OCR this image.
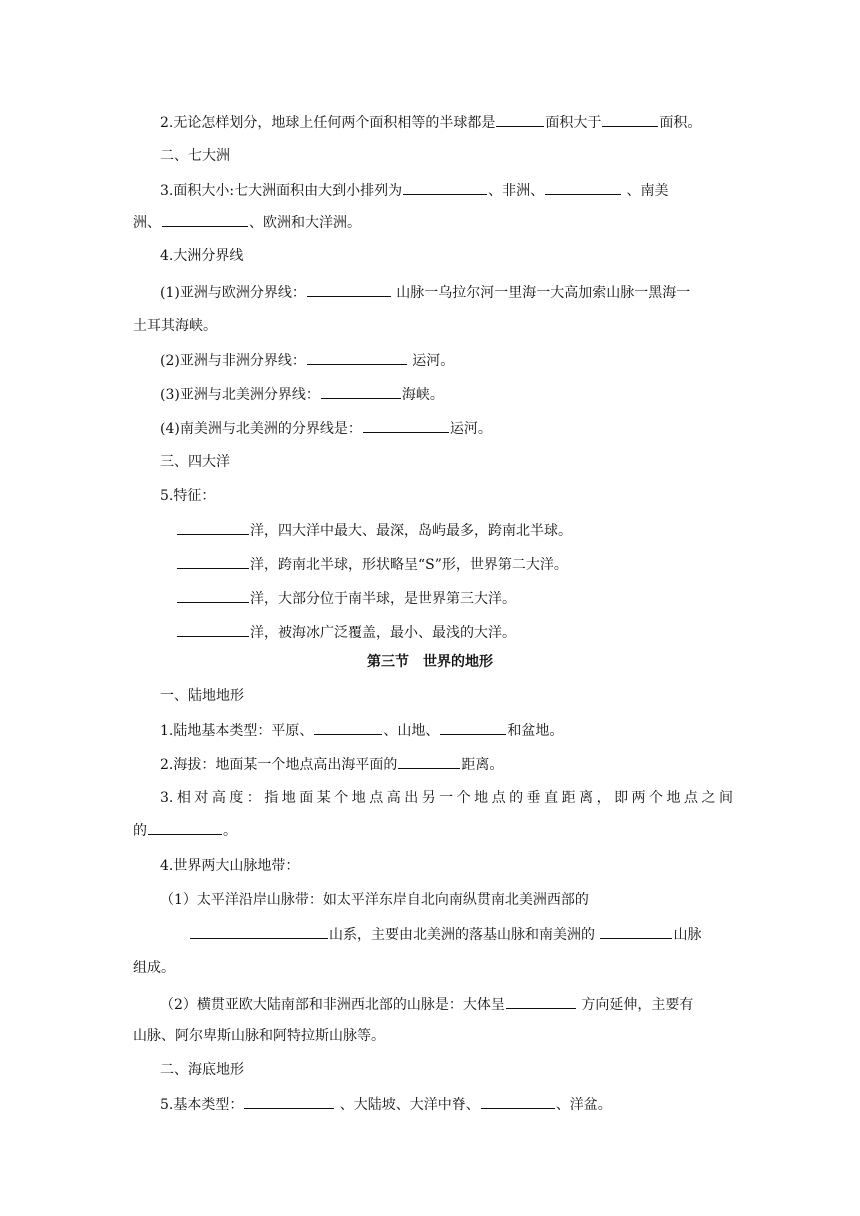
2.无论怎样划分，地球上任何两个面积相等的半球都是	面积大于	面积。
二、七大洲
3.面积大小:七大洲面积由大到小排列为	、非洲、	、南美
洲、	、欧洲和大洋洲。
4.大洲分界线
(1)亚洲与欧洲分界线：	山脉一乌拉尔河一里海一大高加索山脉一黑海一
土耳其海峡。
(2)亚洲与非洲分界线：	运河。
(3)亚洲与北美洲分界线：	海峡。
(4)南美洲与北美洲的分界线是：	运河。
三、四大洋
5.特征：
洋，四大洋中最大、最深，岛屿最多，跨南北半球。
洋，跨南北半球，形状略呈“S”形，世界第二大洋。
洋，大部分位于南半球，是世界第三大洋。
洋，被海冰广泛覆盖，最小、最浅的大洋。
第三节　世界的地形
一、陆地地形
1.陆地基本类型：平原、	、山地、	和盆地。
2.海拔：地面某一个地点高出海平面的	距离。
3.相对高度：指地面某个地点高出另一个地点的垂直距离，即两个地点之间
的	。
4.世界两大山脉地带：
（1）太平洋沿岸山脉带：如太平洋东岸自北向南纵贯南北美洲西部的
山系，主要由北美洲的落基山脉和南美洲的	山脉
组成。
（2）横贯亚欧大陆南部和非洲西北部的山脉是：大体呈	方向延伸，主要有
山脉、阿尔卑斯山脉和阿特拉斯山脉等。
二、海底地形
5.基本类型：	、大陆坡、大洋中脊、	、洋盆。
